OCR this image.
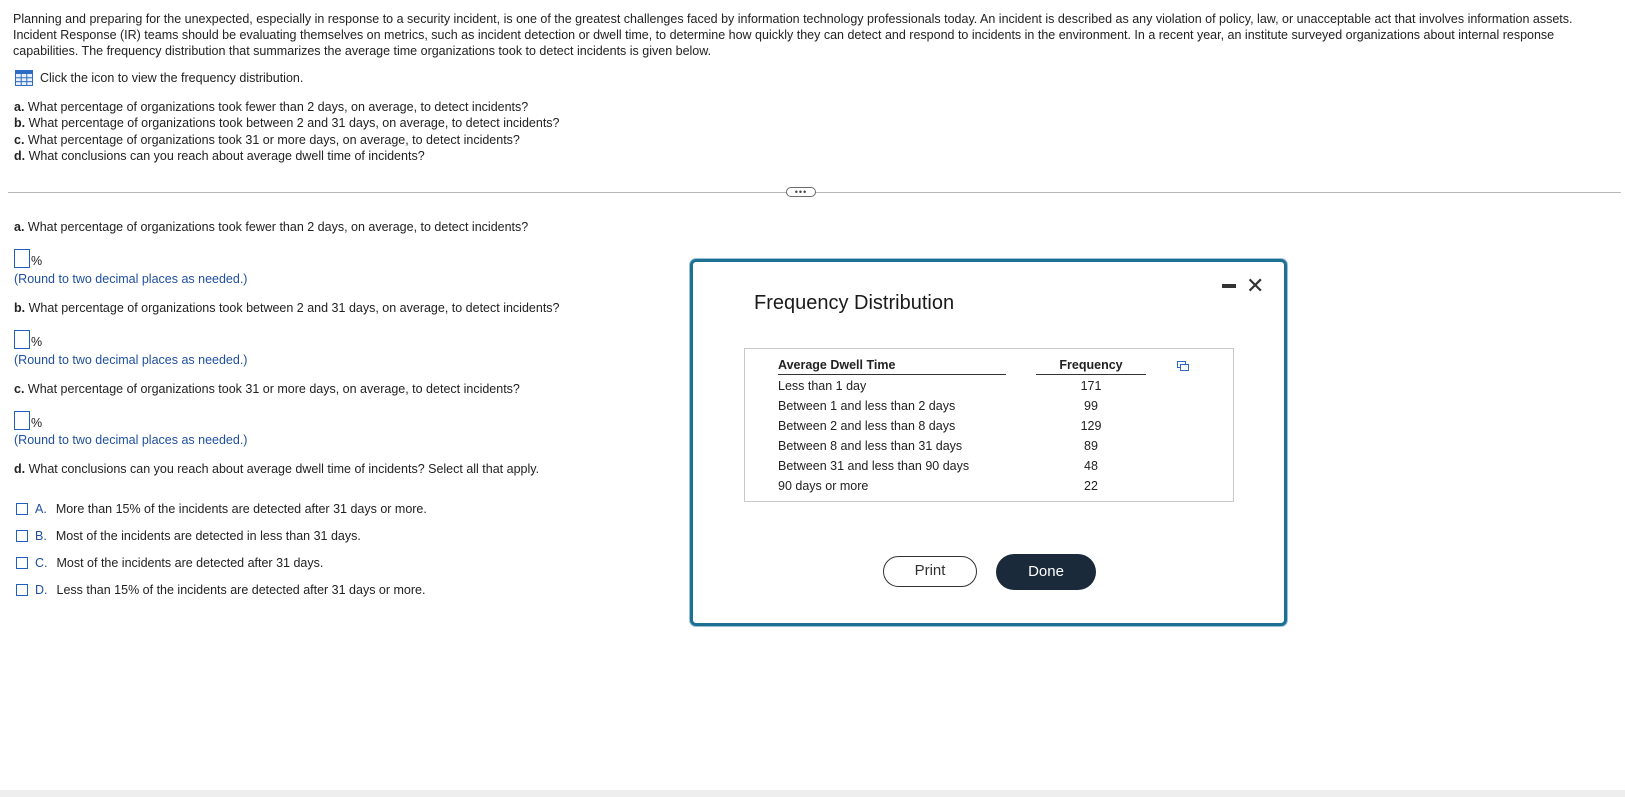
Planning and preparing for the unexpected, especially in response to a security incident, is one of the greatest challenges faced by information technology professionals today. An incident is described as any violation of policy, law, or unacceptable act that involves information assets. Incident Response (IR) teams should be evaluating themselves on metrics, such as incident detection or dwell time, to determine how quickly they can detect and respond to incidents in the environment. In a recent year, an institute surveyed organizations about internal response capabilities. The frequency distribution that summarizes the average time organizations took to detect incidents is given below.
Click the icon to view the frequency distribution.
a. What percentage of organizations took fewer than 2 days, on average, to detect incidents?
b. What percentage of organizations took between 2 and 31 days, on average, to detect incidents?
c. What percentage of organizations took 31 or more days, on average, to detect incidents?
d. What conclusions can you reach about average dwell time of incidents?
•••
a. What percentage of organizations took fewer than 2 days, on average, to detect incidents?
%
(Round to two decimal places as needed.)
b. What percentage of organizations took between 2 and 31 days, on average, to detect incidents?
%
(Round to two decimal places as needed.)
c. What percentage of organizations took 31 or more days, on average, to detect incidents?
%
(Round to two decimal places as needed.)
d. What conclusions can you reach about average dwell time of incidents? Select all that apply.
A. More than 15% of the incidents are detected after 31 days or more.
B. Most of the incidents are detected in less than 31 days.
C. Most of the incidents are detected after 31 days.
D. Less than 15% of the incidents are detected after 31 days or more.
Frequency Distribution
✕
Average Dwell Time		Frequency
Less than 1 day		171
Between 1 and less than 2 days		99
Between 2 and less than 8 days		129
Between 8 and less than 31 days		89
Between 31 and less than 90 days		48
90 days or more		22
Print	Done
